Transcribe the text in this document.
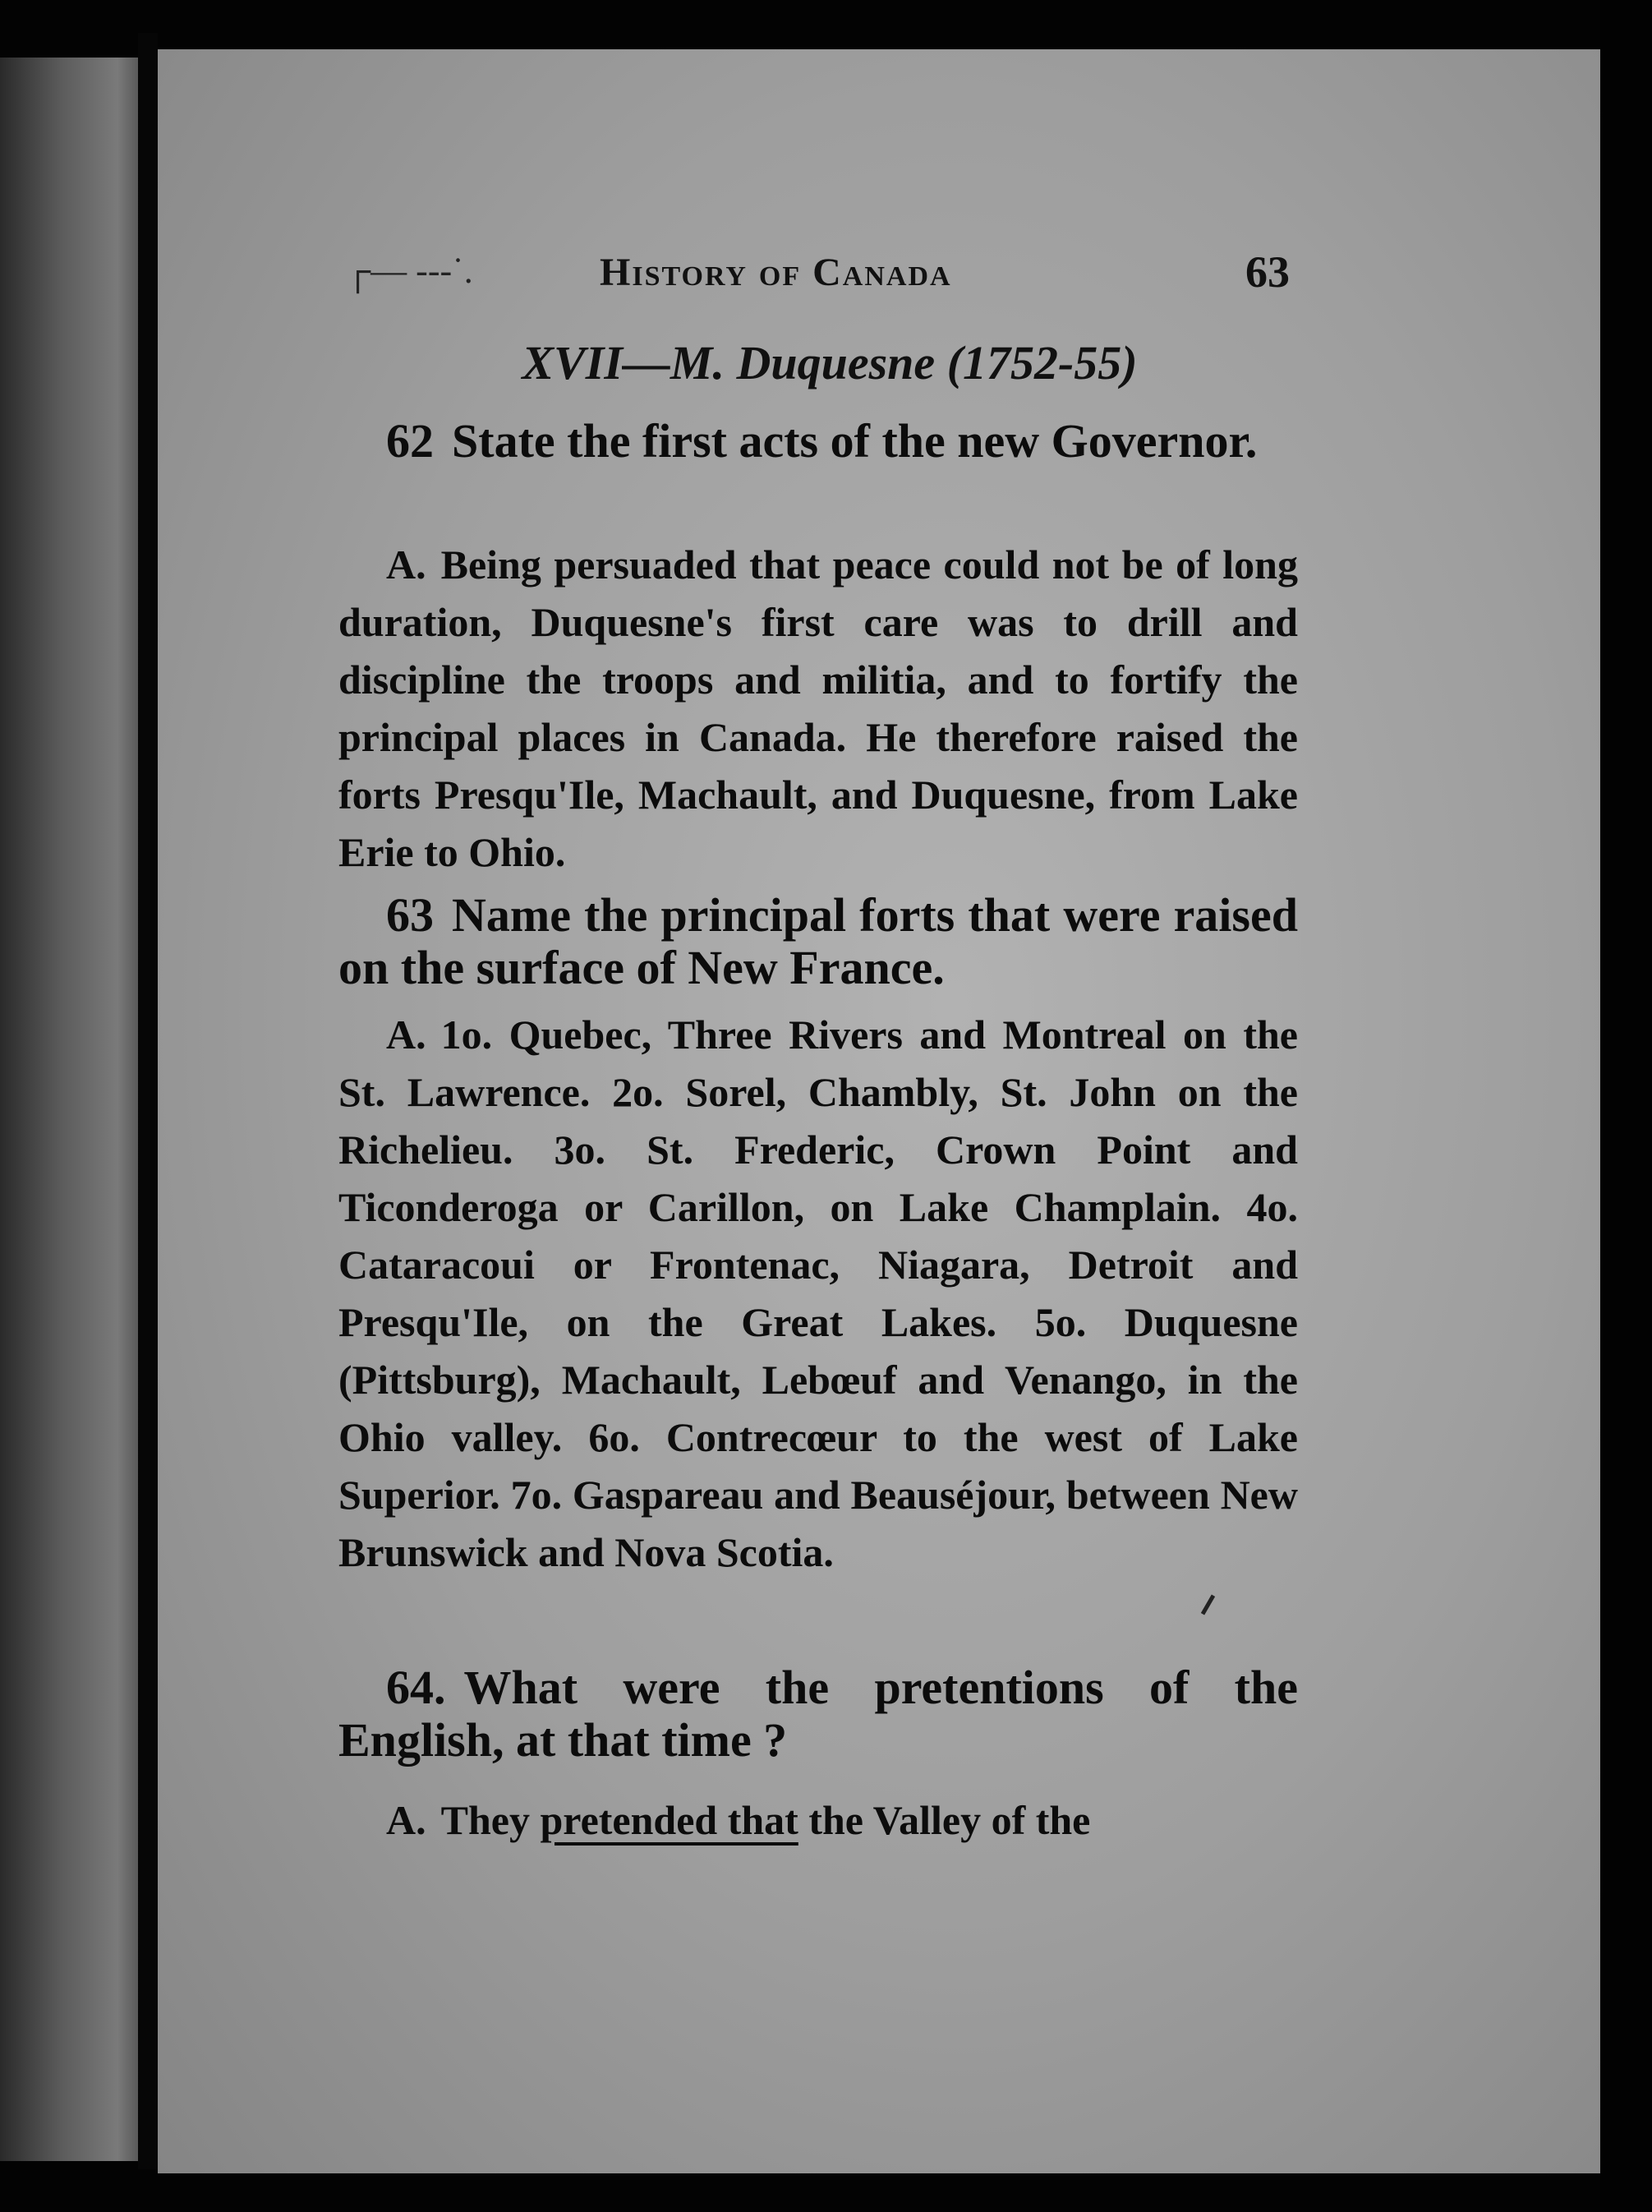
┌— ‐‐‐˙.	History of Canada	63
XVII—M. Duquesne (1752-55)
62 State the first acts of the new Governor.
A. Being persuaded that peace could not be of long duration, Duquesne's first care was to drill and discipline the troops and militia, and to fortify the principal places in Canada. He therefore raised the forts Presqu'Ile, Machault, and Duquesne, from Lake Erie to Ohio.
63 Name the principal forts that were raised on the surface of New France.
A. 1o. Quebec, Three Rivers and Montreal on the St. Lawrence. 2o. Sorel, Chambly, St. John on the Richelieu. 3o. St. Frederic, Crown Point and Ticonderoga or Carillon, on Lake Champlain. 4o. Cataracoui or Frontenac, Niagara, Detroit and Presqu'Ile, on the Great Lakes. 5o. Duquesne (Pittsburg), Machault, Lebœuf and Venango, in the Ohio valley. 6o. Contrecœur to the west of Lake Superior. 7o. Gaspareau and Beauséjour, between New Brunswick and Nova Scotia.
64. What were the pretentions of the English, at that time ?
A. They pretended that the Valley of the
